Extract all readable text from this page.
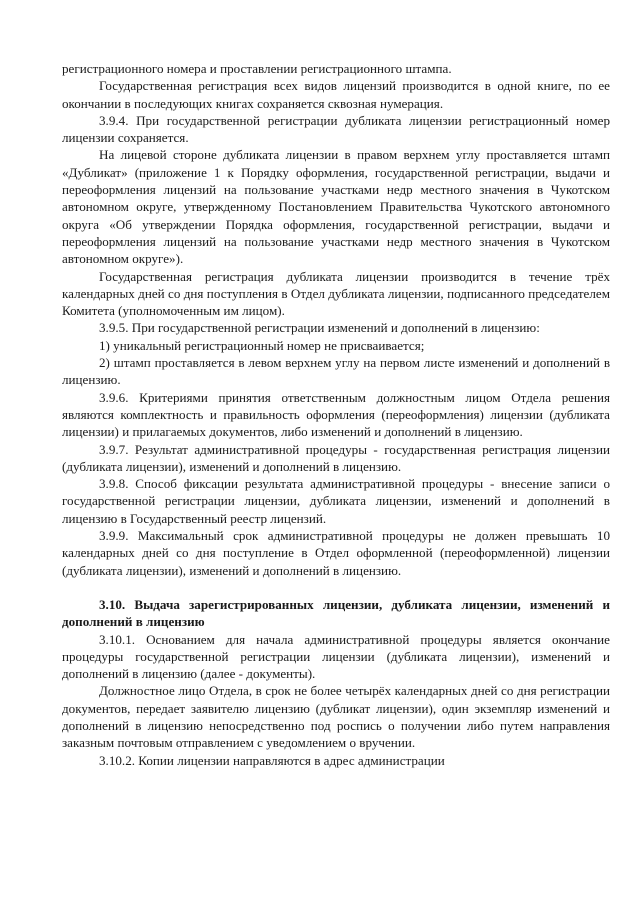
регистрационного номера и проставлении регистрационного штампа.

Государственная регистрация всех видов лицензий производится в одной книге, по ее окончании в последующих книгах сохраняется сквозная нумерация.

3.9.4. При государственной регистрации дубликата лицензии регистрационный номер лицензии сохраняется.

На лицевой стороне дубликата лицензии в правом верхнем углу проставляется штамп «Дубликат» (приложение 1 к Порядку оформления, государственной регистрации, выдачи и переоформления лицензий на пользование участками недр местного значения в Чукотском автономном округе, утвержденному Постановлением Правительства Чукотского автономного округа «Об утверждении Порядка оформления, государственной регистрации, выдачи и переоформления лицензий на пользование участками недр местного значения в Чукотском автономном округе»).

Государственная регистрация дубликата лицензии производится в течение трёх календарных дней со дня поступления в Отдел дубликата лицензии, подписанного председателем Комитета (уполномоченным им лицом).

3.9.5. При государственной регистрации изменений и дополнений в лицензию:

1) уникальный регистрационный номер не присваивается;

2) штамп проставляется в левом верхнем углу на первом листе изменений и дополнений в лицензию.

3.9.6. Критериями принятия ответственным должностным лицом Отдела решения являются комплектность и правильность оформления (переоформления) лицензии (дубликата лицензии) и прилагаемых документов, либо изменений и дополнений в лицензию.

3.9.7. Результат административной процедуры - государственная регистрация лицензии (дубликата лицензии), изменений и дополнений в лицензию.

3.9.8. Способ фиксации результата административной процедуры - внесение записи о государственной регистрации лицензии, дубликата лицензии, изменений и дополнений в лицензию в Государственный реестр лицензий.

3.9.9. Максимальный срок административной процедуры не должен превышать 10 календарных дней со дня поступление в Отдел оформленной (переоформленной) лицензии (дубликата лицензии), изменений и дополнений в лицензию.

3.10. Выдача зарегистрированных лицензии, дубликата лицензии, изменений и дополнений в лицензию

3.10.1. Основанием для начала административной процедуры является окончание процедуры государственной регистрации лицензии (дубликата лицензии), изменений и дополнений в лицензию (далее - документы).

Должностное лицо Отдела, в срок не более четырёх календарных дней со дня регистрации документов, передает заявителю лицензию (дубликат лицензии), один экземпляр изменений и дополнений в лицензию непосредственно под роспись о получении либо путем направления заказным почтовым отправлением с уведомлением о вручении.

3.10.2. Копии лицензии направляются в адрес администрации
